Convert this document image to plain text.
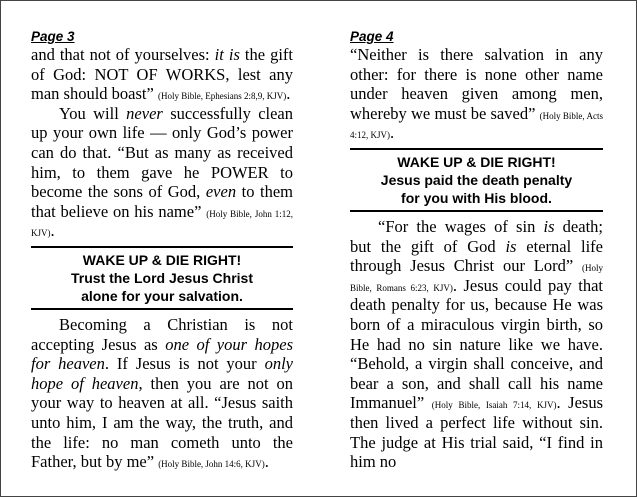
Page 3

and that not of yourselves: it is the gift of God: NOT OF WORKS, lest any man should boast” (Holy Bible, Ephesians 2:8,9, KJV).

You will never successfully clean up your own life — only God’s power can do that. “But as many as received him, to them gave he POWER to become the sons of God, even to them that believe on his name” (Holy Bible, John 1:12, KJV).

WAKE UP & DIE RIGHT!
Trust the Lord Jesus Christ
alone for your salvation.

Becoming a Christian is not accepting Jesus as one of your hopes for heaven. If Jesus is not your only hope of heaven, then you are not on your way to heaven at all. “Jesus saith unto him, I am the way, the truth, and the life: no man cometh unto the Father, but by me” (Holy Bible, John 14:6, KJV).

Page 4

“Neither is there salvation in any other: for there is none other name under heaven given among men, whereby we must be saved” (Holy Bible, Acts 4:12, KJV).

WAKE UP & DIE RIGHT!
Jesus paid the death penalty
for you with His blood.

“For the wages of sin is death; but the gift of God is eternal life through Jesus Christ our Lord” (Holy Bible, Romans 6:23, KJV). Jesus could pay that death penalty for us, because He was born of a miraculous virgin birth, so He had no sin nature like we have. “Behold, a virgin shall conceive, and bear a son, and shall call his name Immanuel” (Holy Bible, Isaiah 7:14, KJV). Jesus then lived a perfect life without sin. The judge at His trial said, “I find in him no
